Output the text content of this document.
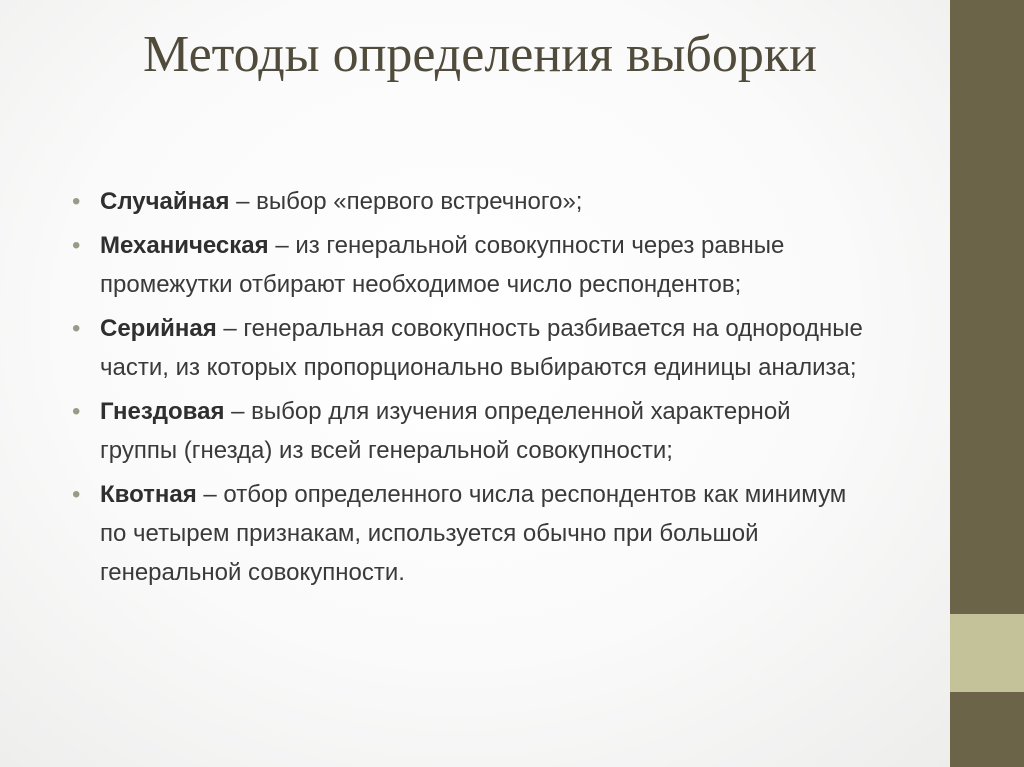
Методы определения выборки
• Случайная – выбор «первого встречного»;
• Механическая – из генеральной совокупности через равные промежутки отбирают необходимое число респондентов;
• Серийная – генеральная совокупность разбивается на однородные части, из которых пропорционально выбираются единицы анализа;
• Гнездовая – выбор для изучения определенной характерной группы (гнезда) из всей генеральной совокупности;
• Квотная – отбор определенного числа респондентов как минимум по четырем признакам, используется обычно при большой генеральной совокупности.
